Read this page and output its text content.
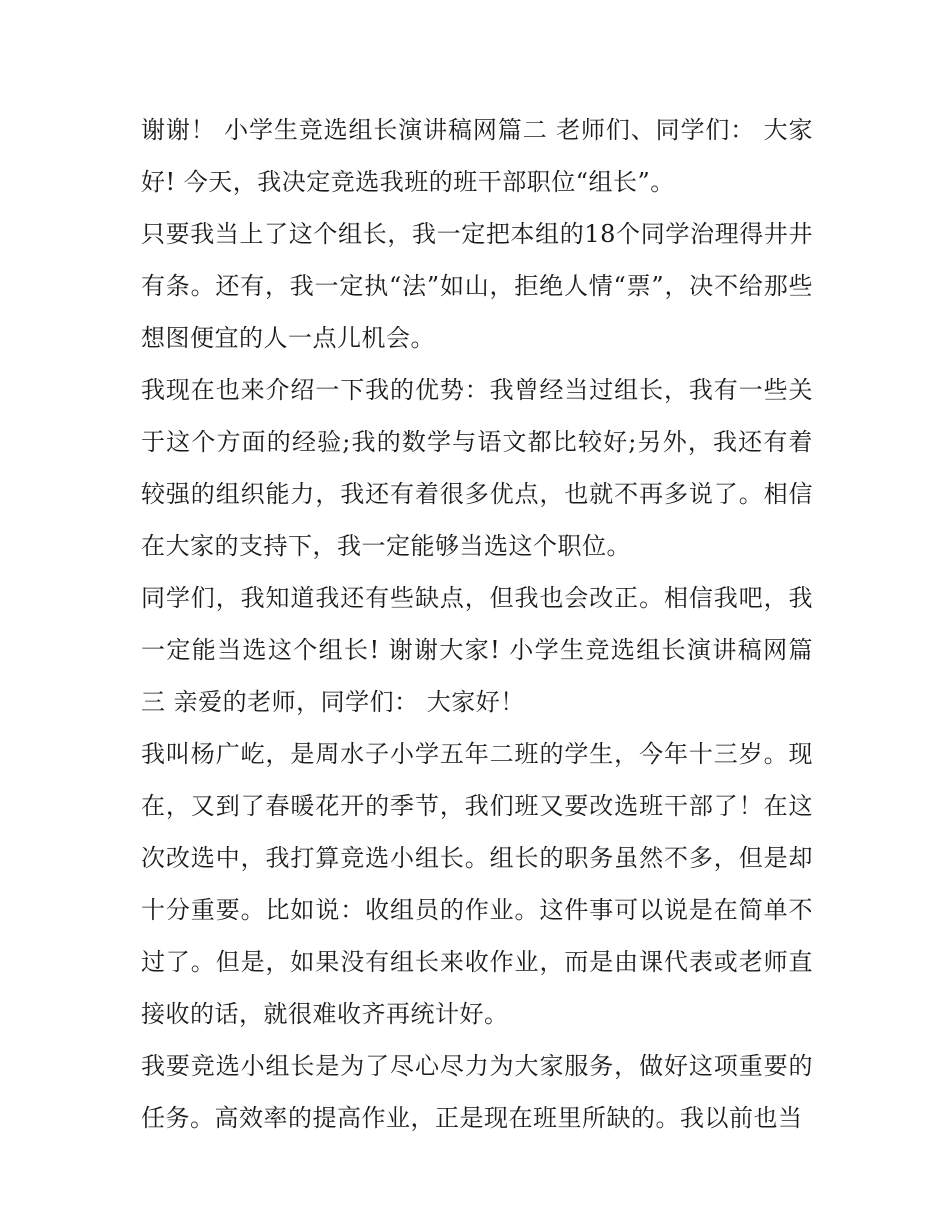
谢谢！ 小学生竞选组长演讲稿网篇二 老师们、同学们： 大家好! 今天，我决定竞选我班的班干部职位“组长”。

只要我当上了这个组长，我一定把本组的18个同学治理得井井有条。还有，我一定执“法”如山，拒绝人情“票”，决不给那些想图便宜的人一点儿机会。

我现在也来介绍一下我的优势：我曾经当过组长，我有一些关于这个方面的经验;我的数学与语文都比较好;另外，我还有着较强的组织能力，我还有着很多优点，也就不再多说了。相信在大家的支持下，我一定能够当选这个职位。

同学们，我知道我还有些缺点，但我也会改正。相信我吧，我一定能当选这个组长! 谢谢大家! 小学生竞选组长演讲稿网篇三 亲爱的老师，同学们： 大家好！

我叫杨广屹，是周水子小学五年二班的学生，今年十三岁。现在，又到了春暖花开的季节，我们班又要改选班干部了！在这次改选中，我打算竞选小组长。组长的职务虽然不多，但是却十分重要。比如说：收组员的作业。这件事可以说是在简单不过了。但是，如果没有组长来收作业，而是由课代表或老师直接收的话，就很难收齐再统计好。

我要竞选小组长是为了尽心尽力为大家服务，做好这项重要的任务。高效率的提高作业，正是现在班里所缺的。我以前也当
